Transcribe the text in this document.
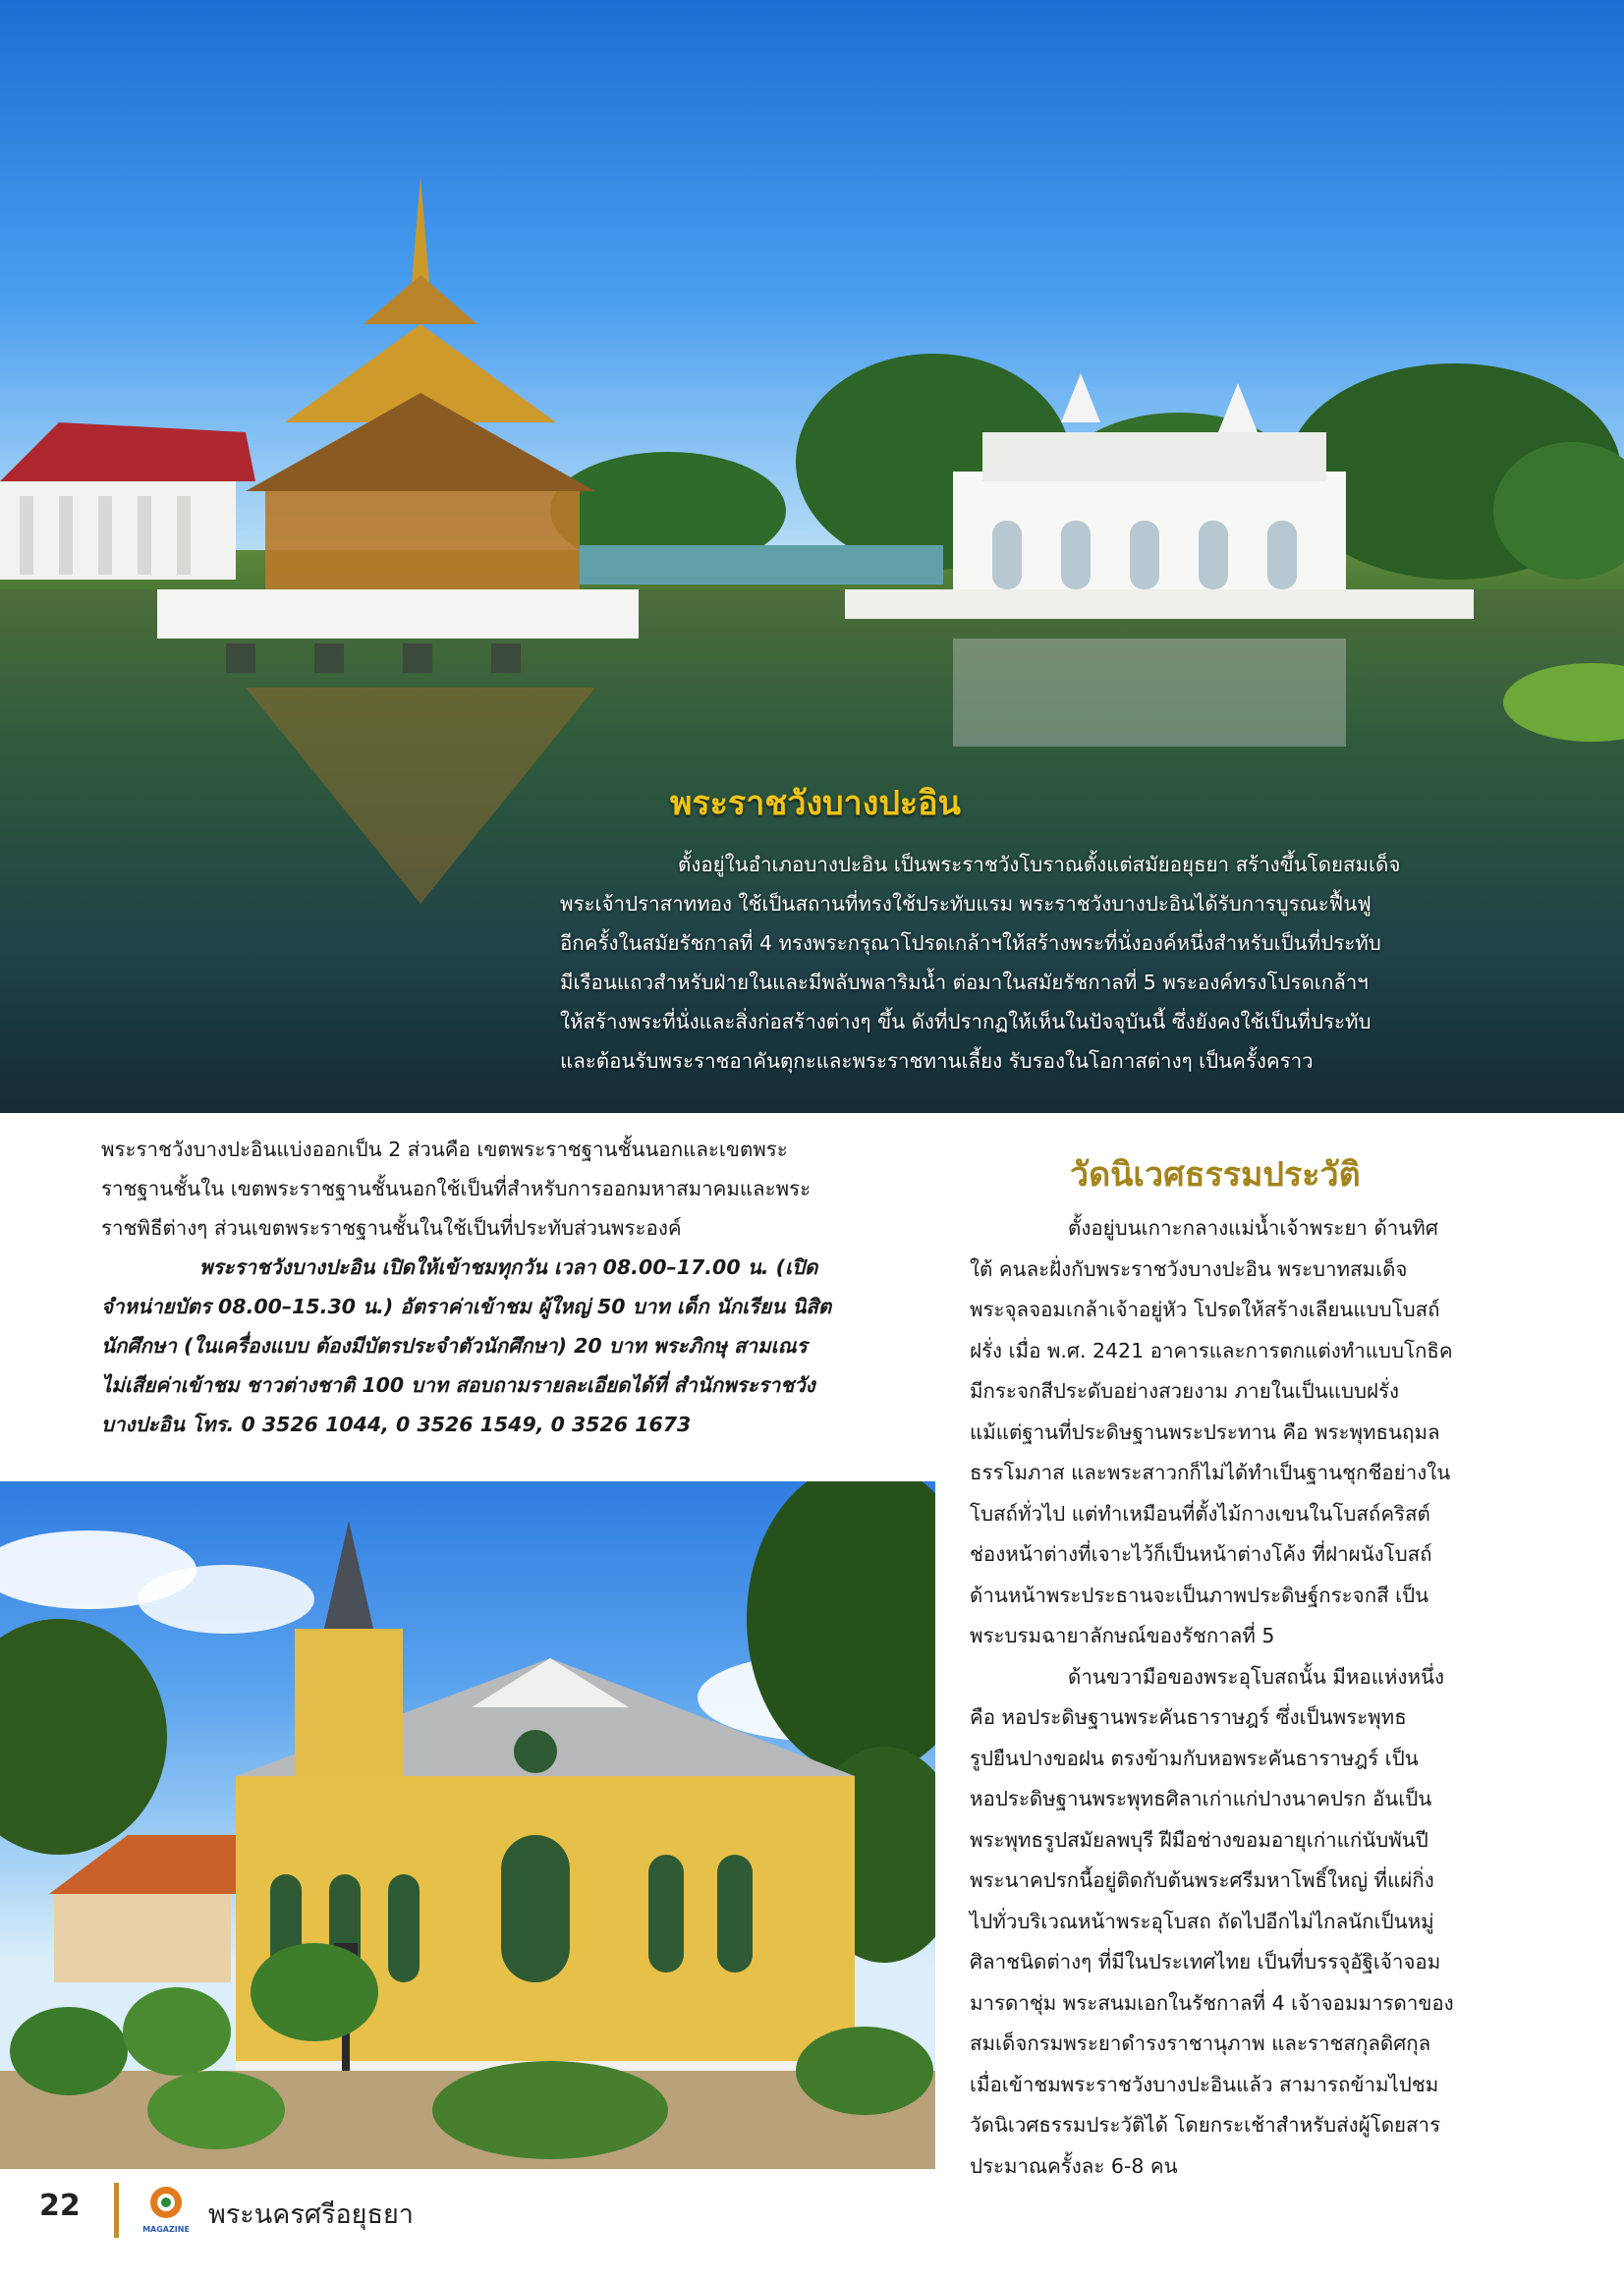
พระราชวังบางปะอิน
ตั้งอยู่ในอำเภอบางปะอิน เป็นพระราชวังโบราณตั้งแต่สมัยอยุธยา สร้างขึ้นโดยสมเด็จ
พระเจ้าปราสาททอง ใช้เป็นสถานที่ทรงใช้ประทับแรม พระราชวังบางปะอินได้รับการบูรณะฟื้นฟู
อีกครั้งในสมัยรัชกาลที่ 4 ทรงพระกรุณาโปรดเกล้าฯให้สร้างพระที่นั่งองค์หนึ่งสำหรับเป็นที่ประทับ
มีเรือนแถวสำหรับฝ่ายในและมีพลับพลาริมน้ำ ต่อมาในสมัยรัชกาลที่ 5 พระองค์ทรงโปรดเกล้าฯ
ให้สร้างพระที่นั่งและสิ่งก่อสร้างต่างๆ ขึ้น ดังที่ปรากฏให้เห็นในปัจจุบันนี้ ซึ่งยังคงใช้เป็นที่ประทับ
และต้อนรับพระราชอาคันตุกะและพระราชทานเลี้ยง รับรองในโอกาสต่างๆ เป็นครั้งคราว

พระราชวังบางปะอินแบ่งออกเป็น 2 ส่วนคือ เขตพระราชฐานชั้นนอกและเขตพระ

ราชฐานชั้นใน เขตพระราชฐานชั้นนอกใช้เป็นที่สำหรับการออกมหาสมาคมและพระ

ราชพิธีต่างๆ ส่วนเขตพระราชฐานชั้นในใช้เป็นที่ประทับส่วนพระองค์

พระราชวังบางปะอิน เปิดให้เข้าชมทุกวัน เวลา 08.00–17.00 น. (เปิด

จำหน่ายบัตร 08.00–15.30 น.) อัตราค่าเข้าชม ผู้ใหญ่ 50 บาท เด็ก นักเรียน นิสิต

นักศึกษา (ในเครื่องแบบ ต้องมีบัตรประจำตัวนักศึกษา) 20 บาท พระภิกษุ สามเณร

ไม่เสียค่าเข้าชม ชาวต่างชาติ 100 บาท สอบถามรายละเอียดได้ที่ สำนักพระราชวัง

บางปะอิน โทร. 0 3526 1044, 0 3526 1549, 0 3526 1673

วัดนิเวศธรรมประวัติ

ตั้งอยู่บนเกาะกลางแม่น้ำเจ้าพระยา ด้านทิศ

ใต้ คนละฝั่งกับพระราชวังบางปะอิน พระบาทสมเด็จ

พระจุลจอมเกล้าเจ้าอยู่หัว โปรดให้สร้างเลียนแบบโบสถ์

ฝรั่ง เมื่อ พ.ศ. 2421 อาคารและการตกแต่งทำแบบโกธิค

มีกระจกสีประดับอย่างสวยงาม ภายในเป็นแบบฝรั่ง

แม้แต่ฐานที่ประดิษฐานพระประทาน คือ พระพุทธนฤมล

ธรรโมภาส และพระสาวกก็ไม่ได้ทำเป็นฐานชุกชีอย่างใน

โบสถ์ทั่วไป แต่ทำเหมือนที่ตั้งไม้กางเขนในโบสถ์คริสต์

ช่องหน้าต่างที่เจาะไว้ก็เป็นหน้าต่างโค้ง ที่ฝาผนังโบสถ์

ด้านหน้าพระประธานจะเป็นภาพประดิษฐ์กระจกสี เป็น

พระบรมฉายาลักษณ์ของรัชกาลที่ 5

ด้านขวามือของพระอุโบสถนั้น มีหอแห่งหนึ่ง

คือ หอประดิษฐานพระคันธาราษฎร์ ซึ่งเป็นพระพุทธ

รูปยืนปางขอฝน ตรงข้ามกับหอพระคันธาราษฎร์ เป็น

หอประดิษฐานพระพุทธศิลาเก่าแก่ปางนาคปรก อันเป็น

พระพุทธรูปสมัยลพบุรี ฝีมือช่างขอมอายุเก่าแก่นับพันปี

พระนาคปรกนี้อยู่ติดกับต้นพระศรีมหาโพธิ์ใหญ่ ที่แผ่กิ่ง

ไปทั่วบริเวณหน้าพระอุโบสถ ถัดไปอีกไม่ไกลนักเป็นหมู่

ศิลาชนิดต่างๆ ที่มีในประเทศไทย เป็นที่บรรจุอัฐิเจ้าจอม

มารดาชุ่ม พระสนมเอกในรัชกาลที่ 4 เจ้าจอมมารดาของ

สมเด็จกรมพระยาดำรงราชานุภาพ และราชสกุลดิศกุล

เมื่อเข้าชมพระราชวังบางปะอินแล้ว สามารถข้ามไปชม

วัดนิเวศธรรมประวัติได้ โดยกระเช้าสำหรับส่งผู้โดยสาร

ประมาณครั้งละ 6-8 คน

22
MAGAZINE พระนครศรีอยุธยา
